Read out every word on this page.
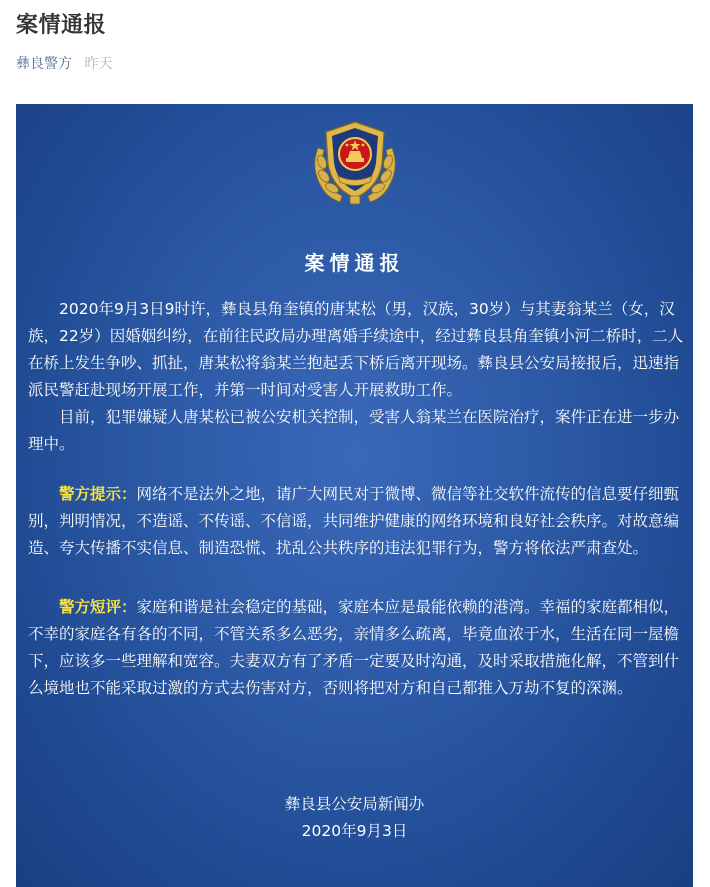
案情通报
彝良警方 昨天
案情通报
2020年9月3日9时许，彝良县角奎镇的唐某松（男，汉族，30岁）与其妻翁某兰（女，汉族，22岁）因婚姻纠纷，在前往民政局办理离婚手续途中，经过彝良县角奎镇小河二桥时，二人在桥上发生争吵、抓扯，唐某松将翁某兰抱起丢下桥后离开现场。彝良县公安局接报后，迅速指派民警赶赴现场开展工作，并第一时间对受害人开展救助工作。
目前，犯罪嫌疑人唐某松已被公安机关控制，受害人翁某兰在医院治疗，案件正在进一步办理中。
警方提示：网络不是法外之地，请广大网民对于微博、微信等社交软件流传的信息要仔细甄别，判明情况，不造谣、不传谣、不信谣，共同维护健康的网络环境和良好社会秩序。对故意编造、夸大传播不实信息、制造恐慌、扰乱公共秩序的违法犯罪行为，警方将依法严肃查处。
警方短评：家庭和谐是社会稳定的基础，家庭本应是最能依赖的港湾。幸福的家庭都相似，不幸的家庭各有各的不同，不管关系多么恶劣，亲情多么疏离，毕竟血浓于水，生活在同一屋檐下，应该多一些理解和宽容。夫妻双方有了矛盾一定要及时沟通，及时采取措施化解，不管到什么境地也不能采取过激的方式去伤害对方，否则将把对方和自己都推入万劫不复的深渊。
彝良县公安局新闻办
2020年9月3日
